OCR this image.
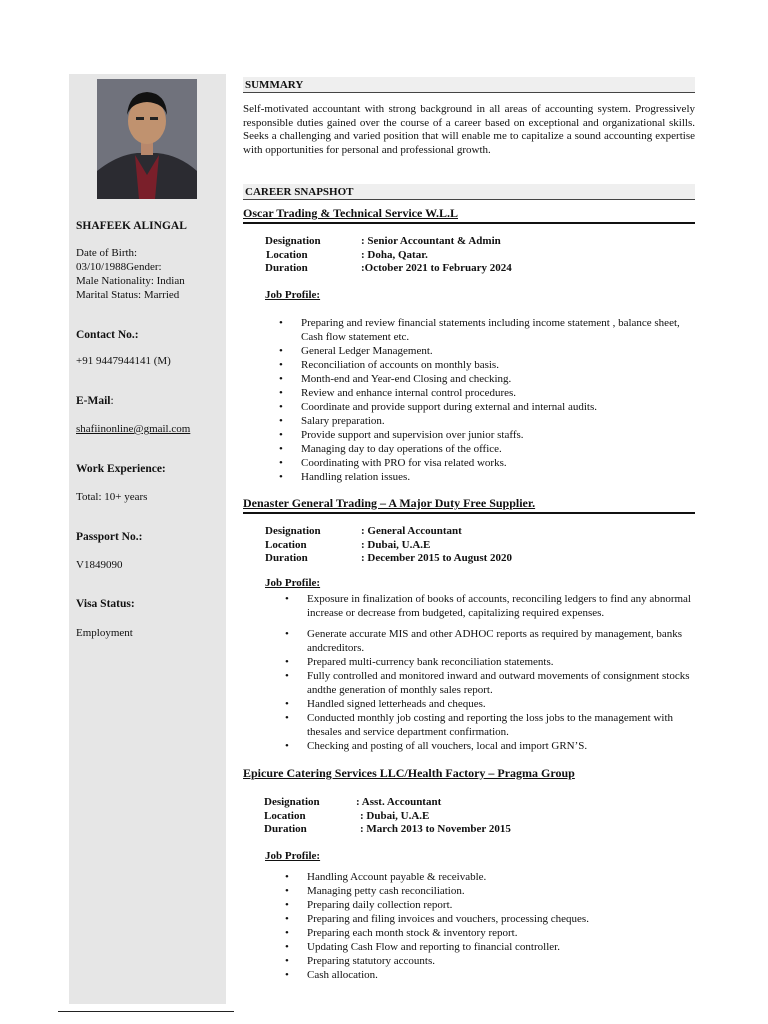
SHAFEEK ALINGAL
Date of Birth:
03/10/1988Gender:
Male Nationality: Indian
Marital Status: Married
Contact No.:
+91 9447944141 (M)
E-Mail:
shafiinonline@gmail.com
Work Experience:
Total: 10+ years
Passport No.:
V1849090
Visa Status:
Employment
SUMMARY
Self-motivated accountant with strong background in all areas of accounting system. Progressively responsible duties gained over the course of a career based on exceptional and organizational skills. Seeks a challenging and varied position that will enable me to capitalize a sound accounting expertise with opportunities for personal and professional growth.
CAREER SNAPSHOT
Oscar Trading & Technical Service W.L.L
Designation	: Senior Accountant & Admin
Location	: Doha, Qatar.
Duration	:October 2021 to February 2024
Job Profile:
• Preparing and review financial statements including income statement , balance sheet, Cash flow statement etc.
• General Ledger Management.
• Reconciliation of accounts on monthly basis.
• Month-end and Year-end Closing and checking.
• Review and enhance internal control procedures.
• Coordinate and provide support during external and internal audits.
• Salary preparation.
• Provide support and supervision over junior staffs.
• Managing day to day operations of the office.
• Coordinating with PRO for visa related works.
• Handling relation issues.
Denaster General Trading – A Major Duty Free Supplier.
Designation	: General Accountant
Location	: Dubai, U.A.E
Duration	: December 2015 to August 2020
Job Profile:
• Exposure in finalization of books of accounts, reconciling ledgers to find any abnormal increase or decrease from budgeted, capitalizing required expenses.
• Generate accurate MIS and other ADHOC reports as required by management, banks andcreditors.
• Prepared multi-currency bank reconciliation statements.
• Fully controlled and monitored inward and outward movements of consignment stocks andthe generation of monthly sales report.
• Handled signed letterheads and cheques.
• Conducted monthly job costing and reporting the loss jobs to the management with thesales and service department confirmation.
• Checking and posting of all vouchers, local and import GRN’S.
Epicure Catering Services LLC/Health Factory – Pragma Group
Designation	: Asst. Accountant
Location	: Dubai, U.A.E
Duration	: March 2013 to November 2015
Job Profile:
• Handling Account payable & receivable.
• Managing petty cash reconciliation.
• Preparing daily collection report.
• Preparing and filing invoices and vouchers, processing cheques.
• Preparing each month stock & inventory report.
• Updating Cash Flow and reporting to financial controller.
• Preparing statutory accounts.
• Cash allocation.
